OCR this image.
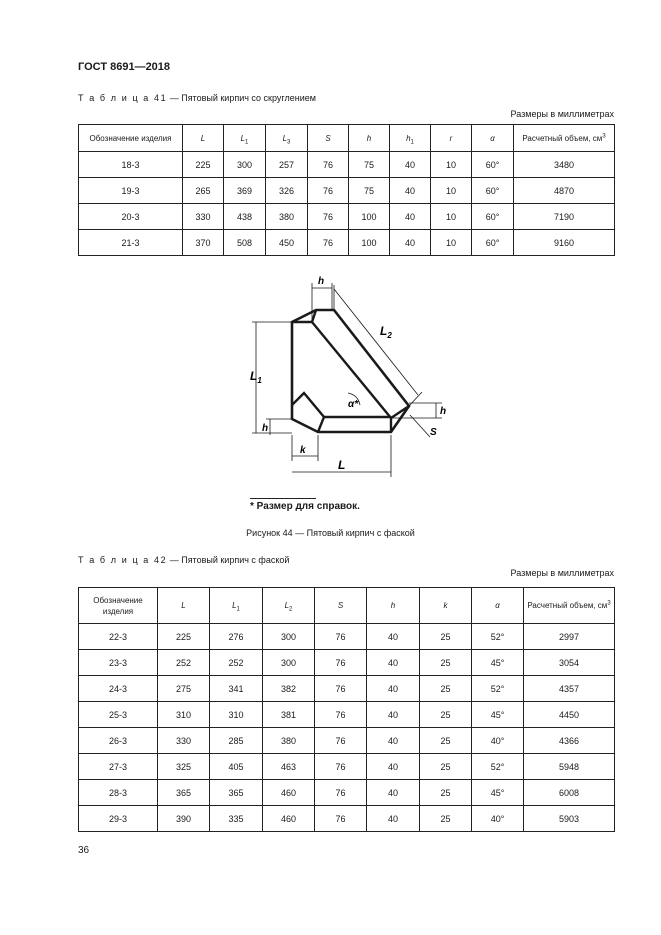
ГОСТ 8691—2018
Т а б л и ц а 41 — Пятовый кирпич со скруглением
Размеры в миллиметрах
Обозначение изделия	L	$L_1$	$L_3$	S	h	$h_1$	r	α	Расчетный объем, $см^3$
18-3	225	300	257	76	75	40	10	60°	3480
19-3	265	369	326	76	75	40	10	60°	4870
20-3	330	438	380	76	100	40	10	60°	7190
21-3	370	508	450	76	100	40	10	60°	9160
h
$L_2$
$L_1$
α*
h
S
h
k
L
* Размер для справок.
Рисунок 44 — Пятовый кирпич с фаской
Т а б л и ц а 42 — Пятовый кирпич с фаской
Размеры в миллиметрах
Обозначение изделия	L	$L_1$	$L_2$	S	h	k	α	Расчетный объем, $см^3$
22-3	225	276	300	76	40	25	52°	2997
23-3	252	252	300	76	40	25	45°	3054
24-3	275	341	382	76	40	25	52°	4357
25-3	310	310	381	76	40	25	45°	4450
26-3	330	285	380	76	40	25	40°	4366
27-3	325	405	463	76	40	25	52°	5948
28-3	365	365	460	76	40	25	45°	6008
29-3	390	335	460	76	40	25	40°	5903
36
